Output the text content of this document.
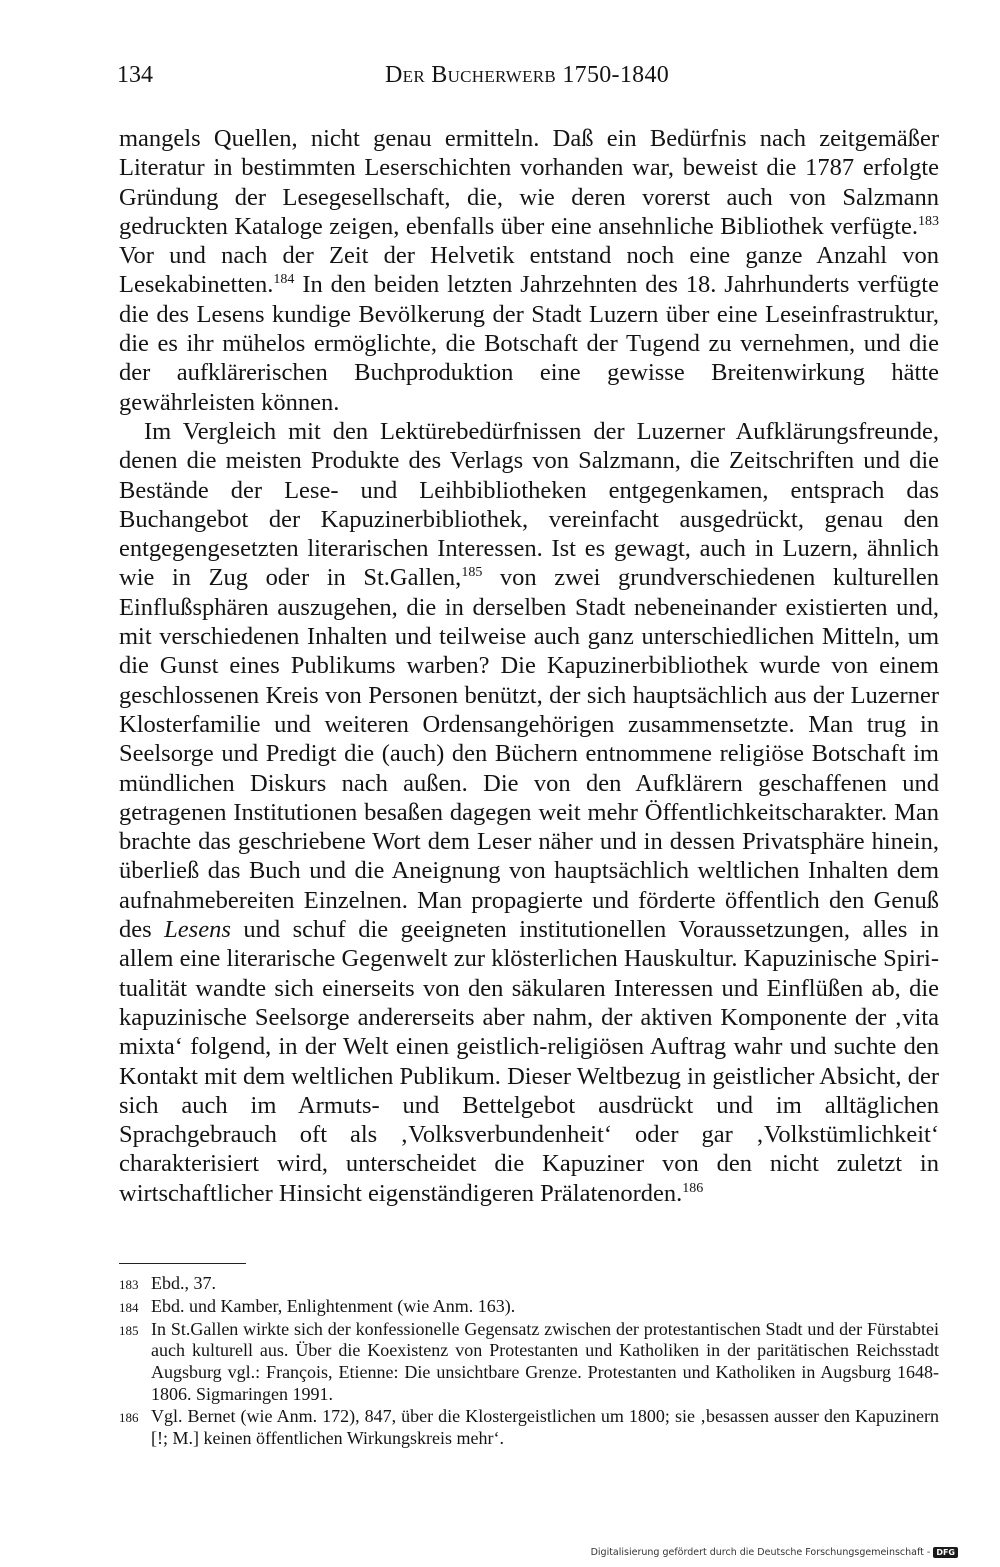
134	Der Bucherwerb 1750-1840

mangels Quellen, nicht genau ermitteln. Daß ein Bedürfnis nach zeitgemäßer Literatur in bestimmten Leserschichten vorhanden war, beweist die 1787 erfolgte Gründung der Lesegesellschaft, die, wie deren vorerst auch von Salzmann gedruckten Kataloge zeigen, ebenfalls über eine ansehnliche Bibliothek verfügte.$^{183}$ Vor und nach der Zeit der Helvetik entstand noch eine ganze Anzahl von Lesekabinetten.$^{184}$ In den beiden letzten Jahrzehnten des 18. Jahrhunderts verfügte die des Lesens kundige Bevölkerung der Stadt Luzern über eine Leseinfrastruktur, die es ihr mühelos ermöglichte, die Botschaft der Tugend zu vernehmen, und die der aufklärerischen Buchproduktion eine gewisse Breitenwirkung hätte gewährleisten können.

Im Vergleich mit den Lektürebedürfnissen der Luzerner Aufklärungsfreunde, denen die meisten Produkte des Verlags von Salzmann, die Zeitschriften und die Bestände der Lese- und Leihbibliotheken entgegenkamen, entsprach das Buchangebot der Kapuzinerbibliothek, vereinfacht ausgedrückt, genau den entgegengesetzten literarischen Interessen. Ist es gewagt, auch in Luzern, ähnlich wie in Zug oder in St.Gallen,$^{185}$ von zwei grundverschiedenen kulturellen Einflußsphären auszugehen, die in derselben Stadt nebeneinander existierten und, mit verschiedenen Inhalten und teilweise auch ganz unterschiedlichen Mitteln, um die Gunst eines Publikums warben? Die Kapuzinerbibliothek wurde von einem geschlossenen Kreis von Personen benützt, der sich hauptsächlich aus der Luzerner Klosterfamilie und weiteren Ordensangehörigen zusammensetzte. Man trug in Seelsorge und Predigt die (auch) den Büchern entnommene religiöse Botschaft im mündlichen Diskurs nach außen. Die von den Aufklärern geschaffenen und getragenen Institutionen besaßen dagegen weit mehr Öffentlichkeitscharakter. Man brachte das geschriebene Wort dem Leser näher und in dessen Privatsphäre hinein, überließ das Buch und die Aneignung von hauptsächlich weltlichen Inhalten dem aufnahmebereiten Einzelnen. Man propagierte und förderte öffentlich den Genuß des Lesens und schuf die geeigneten institutionellen Voraussetzungen, alles in allem eine literarische Gegenwelt zur klösterlichen Hauskultur. Kapuzinische Spiritualität wandte sich einerseits von den säkularen Interessen und Einflüßen ab, die kapuzinische Seelsorge andererseits aber nahm, der aktiven Komponente der ‚vita mixta‘ folgend, in der Welt einen geistlich-religiösen Auftrag wahr und suchte den Kontakt mit dem weltlichen Publikum. Dieser Weltbezug in geistlicher Absicht, der sich auch im Armuts- und Bettelgebot ausdrückt und im alltäglichen Sprachgebrauch oft als ‚Volksverbundenheit‘ oder gar ‚Volkstümlichkeit‘ charakterisiert wird, unterscheidet die Kapuziner von den nicht zuletzt in wirtschaftlicher Hinsicht eigenständigeren Prälatenorden.$^{186}$

183 Ebd., 37.
184 Ebd. und Kamber, Enlightenment (wie Anm. 163).
185 In St.Gallen wirkte sich der konfessionelle Gegensatz zwischen der protestantischen Stadt und der Fürstabtei auch kulturell aus. Über die Koexistenz von Protestanten und Katholiken in der paritätischen Reichsstadt Augsburg vgl.: François, Etienne: Die unsichtbare Grenze. Protestanten und Katholiken in Augsburg 1648-1806. Sigmaringen 1991.
186 Vgl. Bernet (wie Anm. 172), 847, über die Klostergeistlichen um 1800; sie ‚besassen ausser den Kapuzinern [!; M.] keinen öffentlichen Wirkungskreis mehr‘.
Digitalisierung gefördert durch die Deutsche Forschungsgemeinschaft - DFG
